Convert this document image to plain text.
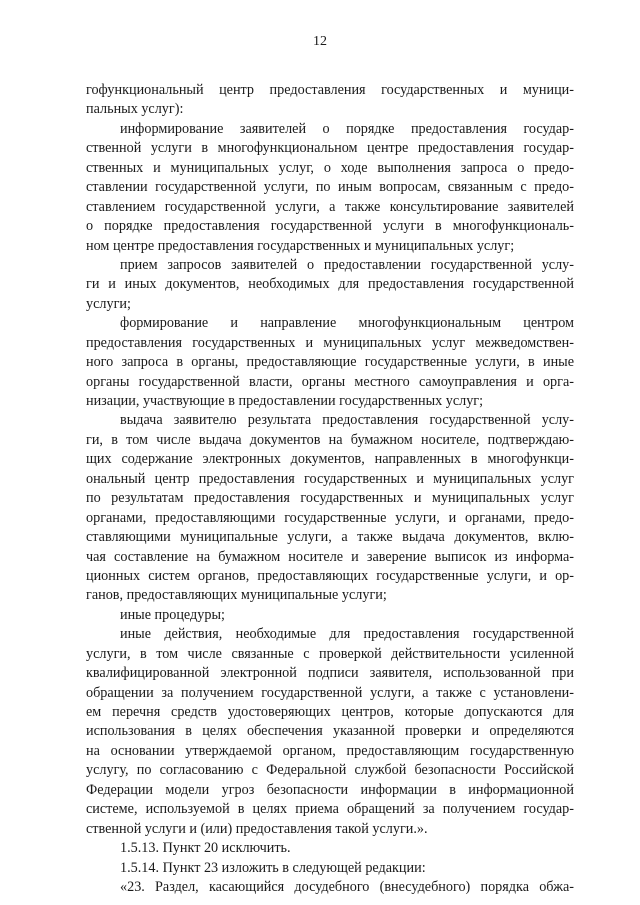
12
гофункциональный центр предоставления государственных и муници-
пальных услуг):
информирование заявителей о порядке предоставления государ-
ственной услуги в многофункциональном центре предоставления государ-
ственных и муниципальных услуг, о ходе выполнения запроса о предо-
ставлении государственной услуги, по иным вопросам, связанным с предо-
ставлением государственной услуги, а также консультирование заявителей
о порядке предоставления государственной услуги в многофункциональ-
ном центре предоставления государственных и муниципальных услуг;
прием запросов заявителей о предоставлении государственной услу-
ги и иных документов, необходимых для предоставления государственной
услуги;
формирование и направление многофункциональным центром
предоставления государственных и муниципальных услуг межведомствен-
ного запроса в органы, предоставляющие государственные услуги, в иные
органы государственной власти, органы местного самоуправления и орга-
низации, участвующие в предоставлении государственных услуг;
выдача заявителю результата предоставления государственной услу-
ги, в том числе выдача документов на бумажном носителе, подтверждаю-
щих содержание электронных документов, направленных в многофункци-
ональный центр предоставления государственных и муниципальных услуг
по результатам предоставления государственных и муниципальных услуг
органами, предоставляющими государственные услуги, и органами, предо-
ставляющими муниципальные услуги, а также выдача документов, вклю-
чая составление на бумажном носителе и заверение выписок из информа-
ционных систем органов, предоставляющих государственные услуги, и ор-
ганов, предоставляющих муниципальные услуги;
иные процедуры;
иные действия, необходимые для предоставления государственной
услуги, в том числе связанные с проверкой действительности усиленной
квалифицированной электронной подписи заявителя, использованной при
обращении за получением государственной услуги, а также с установлени-
ем перечня средств удостоверяющих центров, которые допускаются для
использования в целях обеспечения указанной проверки и определяются
на основании утверждаемой органом, предоставляющим государственную
услугу, по согласованию с Федеральной службой безопасности Российской
Федерации модели угроз безопасности информации в информационной
системе, используемой в целях приема обращений за получением государ-
ственной услуги и (или) предоставления такой услуги.».
1.5.13. Пункт 20 исключить.
1.5.14. Пункт 23 изложить в следующей редакции:
«23. Раздел, касающийся досудебного (внесудебного) порядка обжа-
